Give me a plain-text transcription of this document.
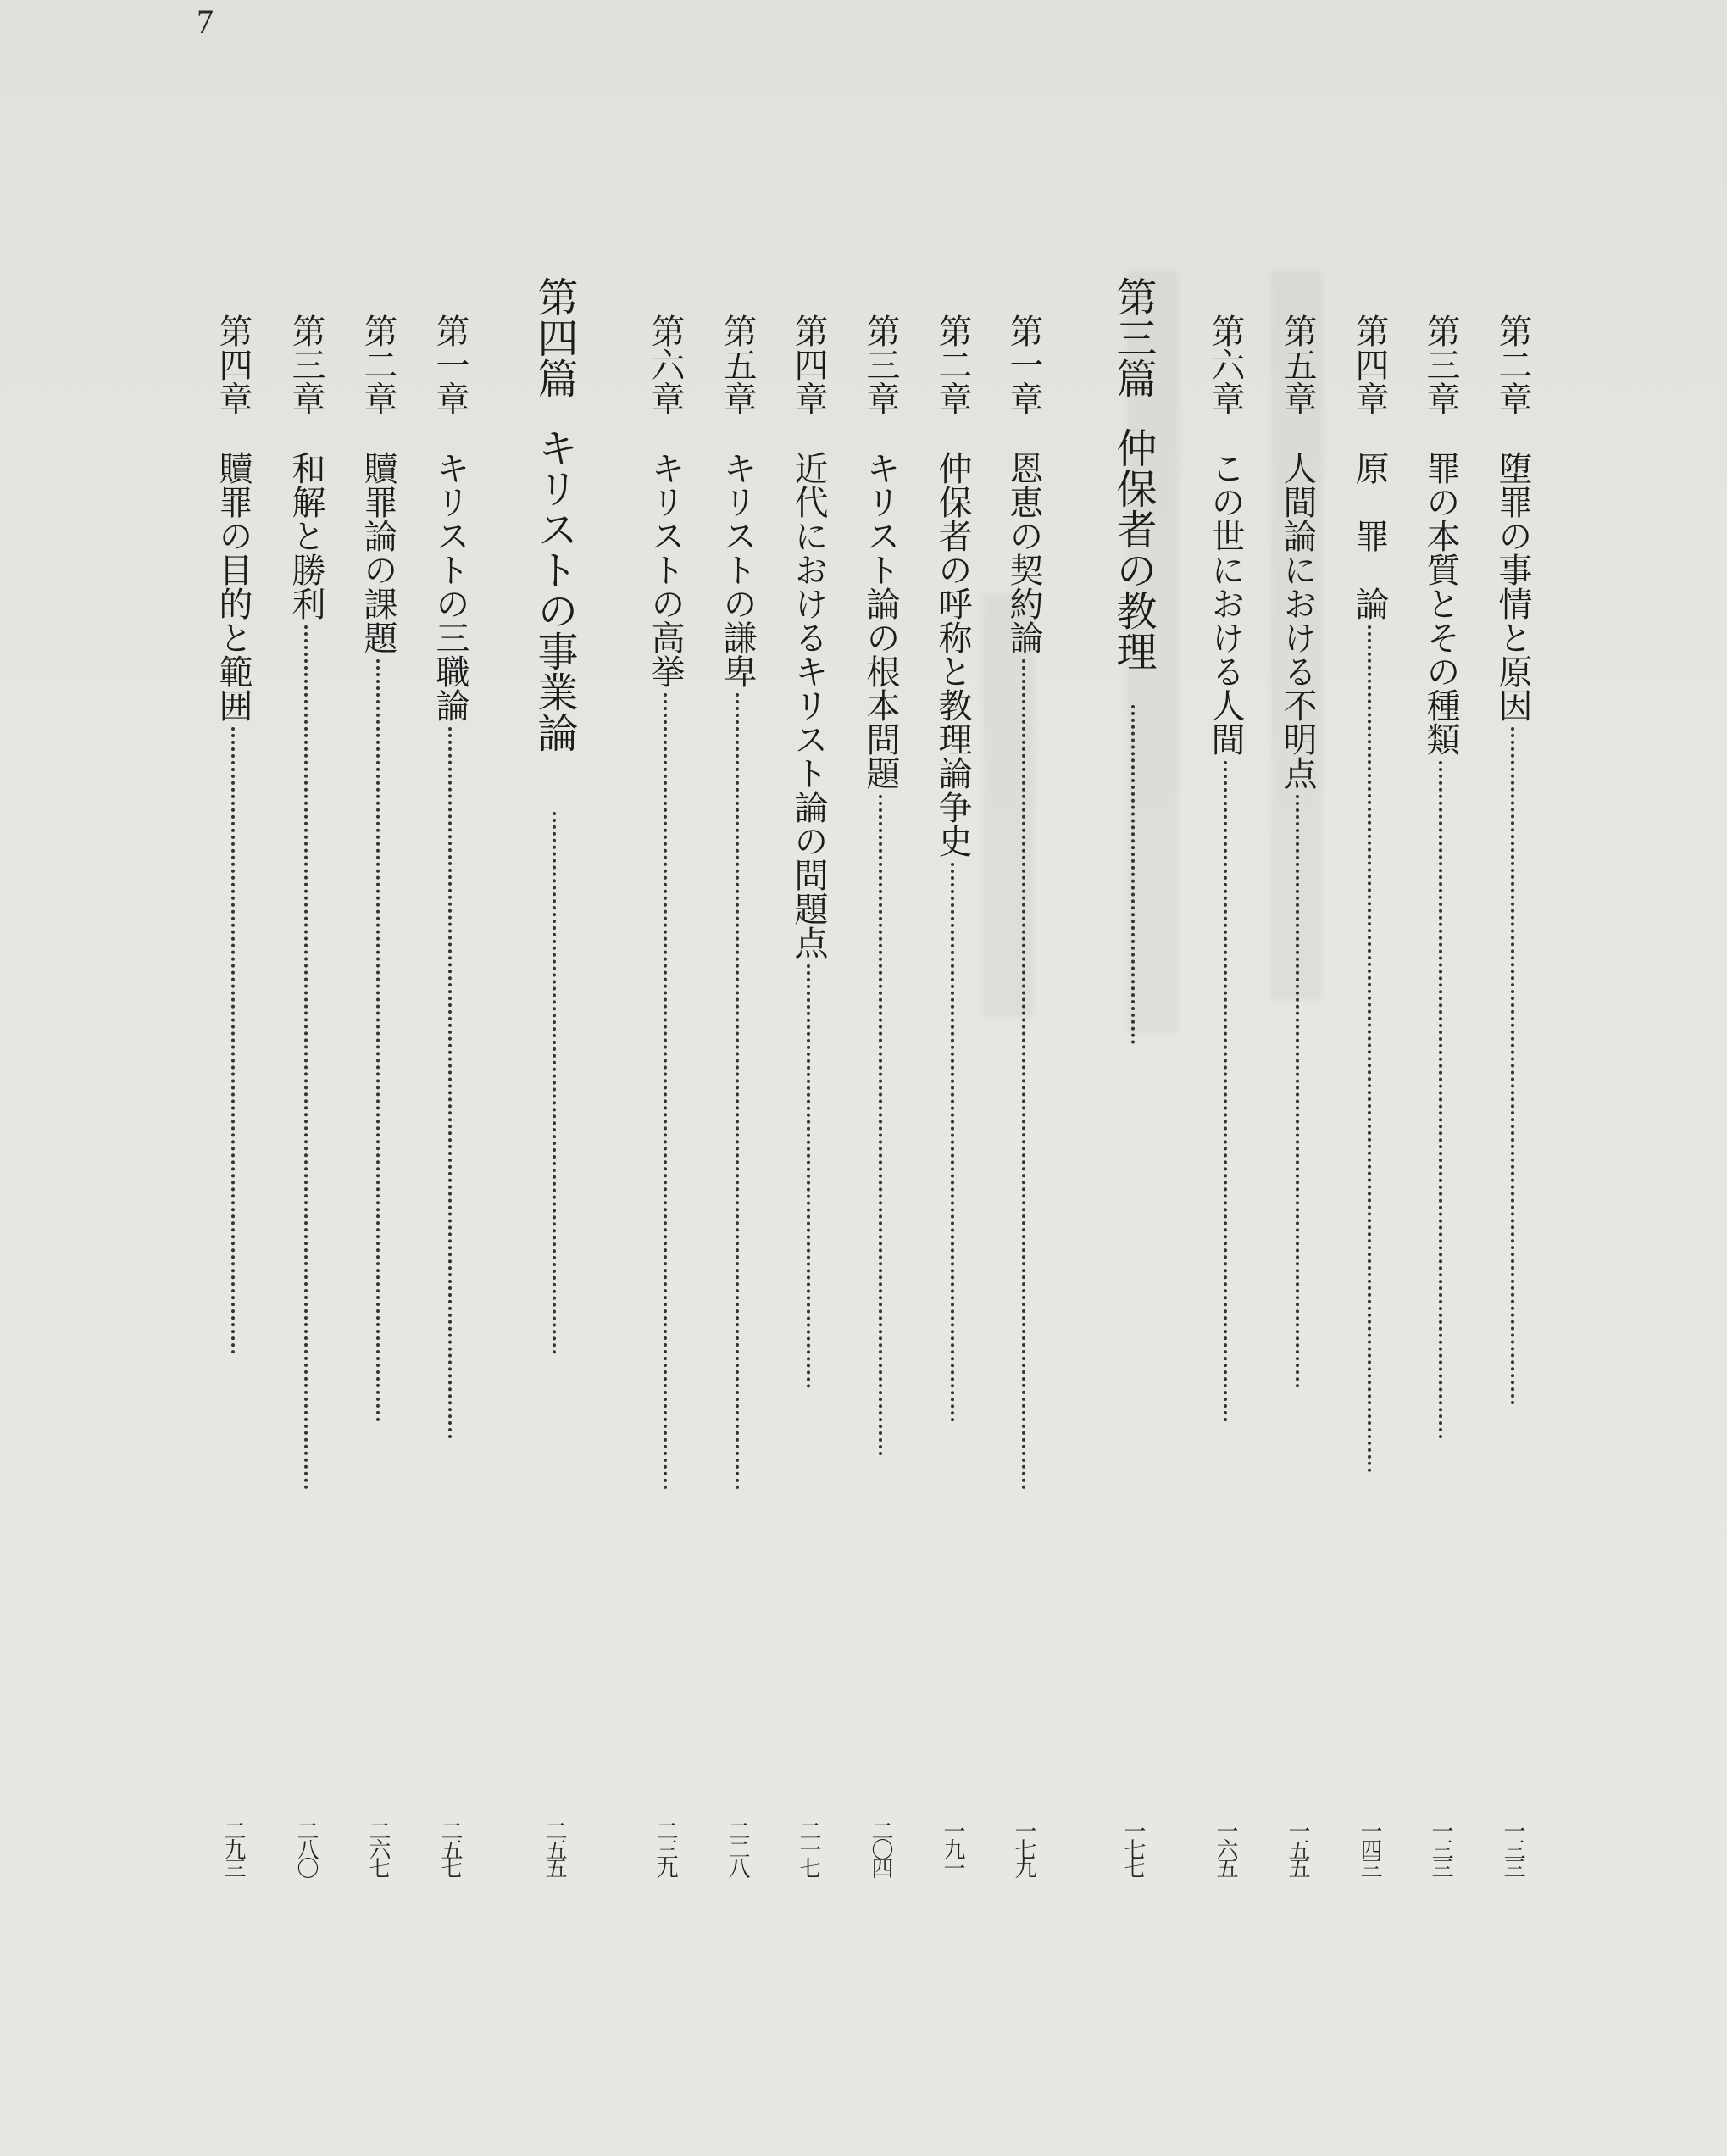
7
第二章堕罪の事情と原因
一三三
第三章罪の本質とその種類
一三三
第四章原　罪　論
一四三
第五章人間論における不明点
一五五
第六章この世における人間
一六五
第三篇仲保者の教理
一七七
第一章恩恵の契約論
一七九
第二章仲保者の呼称と教理論争史
一九一
第三章キリスト論の根本問題
二〇四
第四章近代におけるキリスト論の問題点
二一七
第五章キリストの謙卑
二二八
第六章キリストの高挙
二三九
第四篇キリストの事業論
二五五
第一章キリストの三職論
二五七
第二章贖罪論の課題
二六七
第三章和解と勝利
二八〇
第四章贖罪の目的と範囲
二九三
